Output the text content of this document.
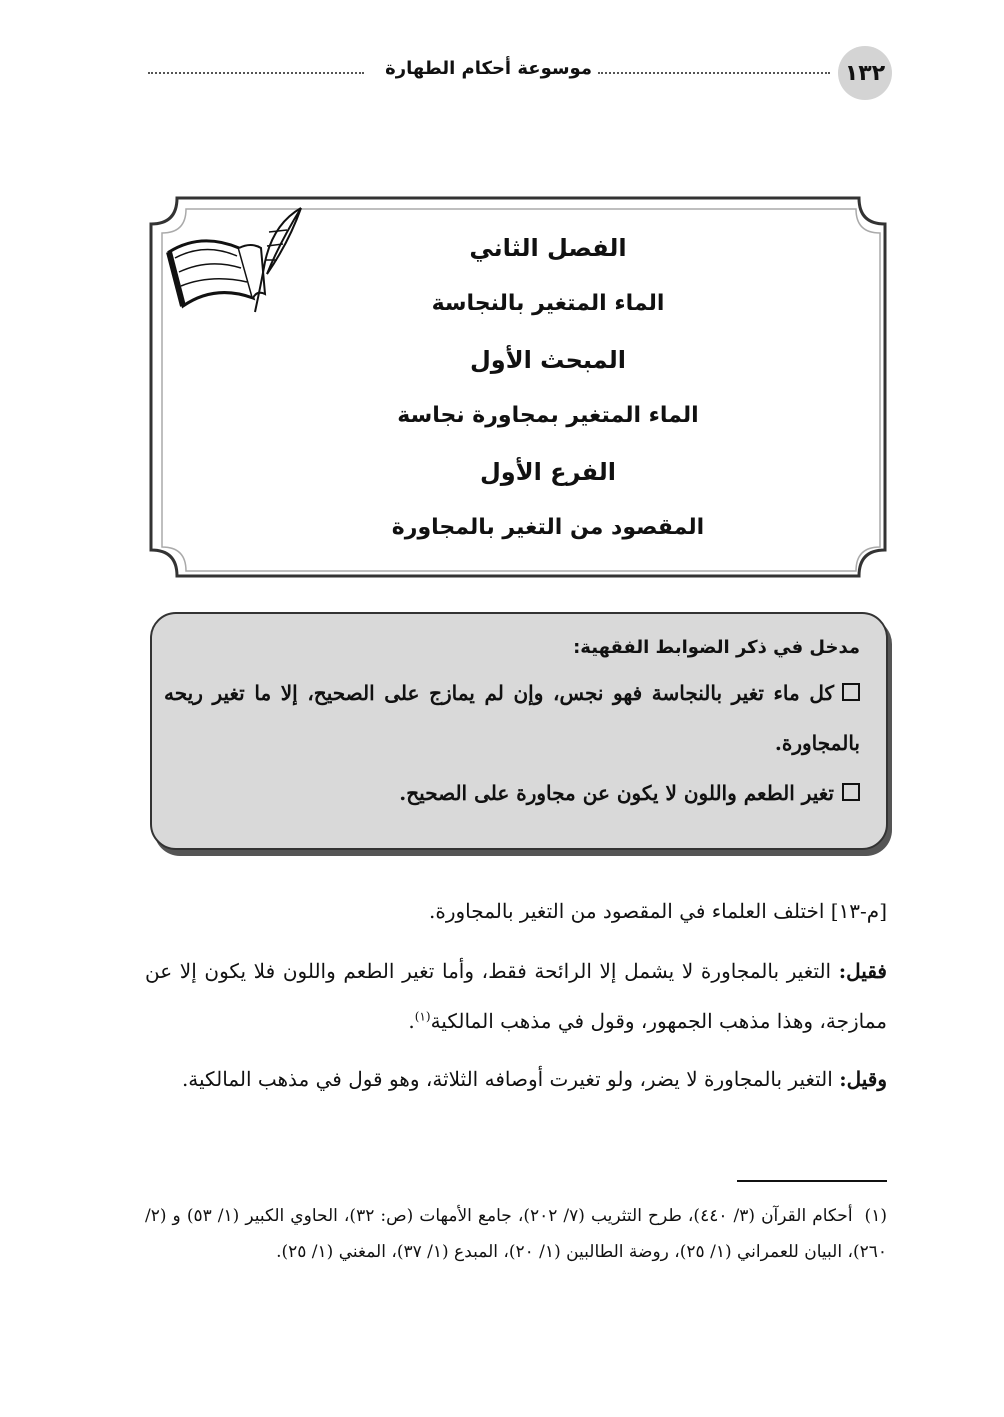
١٣٢
موسوعة أحكام الطهارة
الفصل الثاني
الماء المتغير بالنجاسة
المبحث الأول
الماء المتغير بمجاورة نجاسة
الفرع الأول
المقصود من التغير بالمجاورة
مدخل في ذكر الضوابط الفقهية:
كل ماء تغير بالنجاسة فهو نجس، وإن لم يمازج على الصحيح، إلا ما تغير ريحه بالمجاورة.
تغير الطعم واللون لا يكون عن مجاورة على الصحيح.
[م-١٣] اختلف العلماء في المقصود من التغير بالمجاورة.
فقيل: التغير بالمجاورة لا يشمل إلا الرائحة فقط، وأما تغير الطعم واللون فلا يكون إلا عن ممازجة، وهذا مذهب الجمهور، وقول في مذهب المالكية$^{(١)}$.
وقيل: التغير بالمجاورة لا يضر، ولو تغيرت أوصافه الثلاثة، وهو قول في مذهب المالكية.
(١)أحكام القرآن (٣/ ٤٤٠)، طرح التثريب (٧/ ٢٠٢)، جامع الأمهات (ص: ٣٢)، الحاوي الكبير (١/ ٥٣) و (٢/ ٢٦٠)، البيان للعمراني (١/ ٢٥)، روضة الطالبين (١/ ٢٠)، المبدع (١/ ٣٧)، المغني (١/ ٢٥).
